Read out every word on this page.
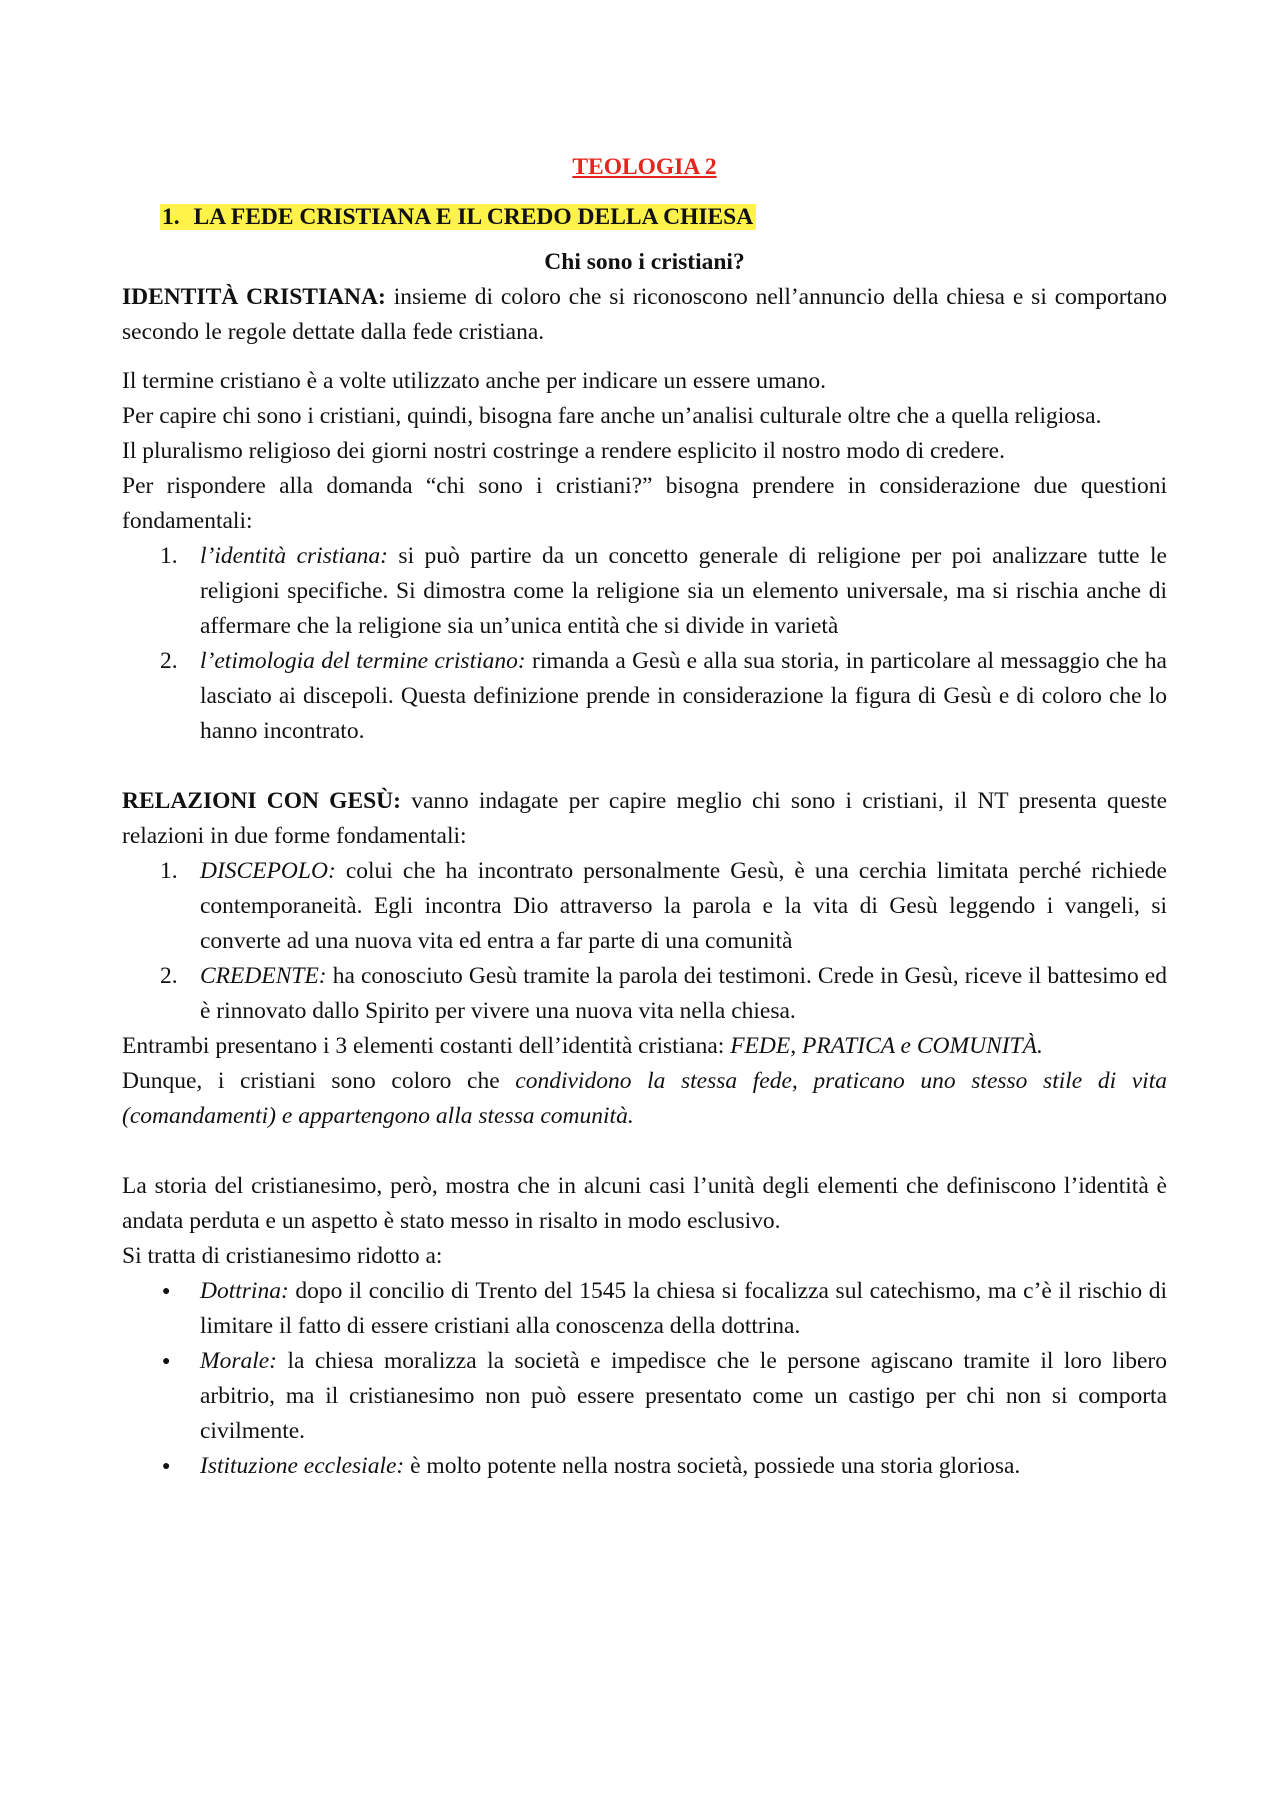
TEOLOGIA 2
1. LA FEDE CRISTIANA E IL CREDO DELLA CHIESA
Chi sono i cristiani?

IDENTITÀ CRISTIANA: insieme di coloro che si riconoscono nell’annuncio della chiesa e si comportano secondo le regole dettate dalla fede cristiana.

Il termine cristiano è a volte utilizzato anche per indicare un essere umano.

Per capire chi sono i cristiani, quindi, bisogna fare anche un’analisi culturale oltre che a quella religiosa.

Il pluralismo religioso dei giorni nostri costringe a rendere esplicito il nostro modo di credere.

Per rispondere alla domanda “chi sono i cristiani?” bisogna prendere in considerazione due questioni fondamentali:

1. l’identità cristiana: si può partire da un concetto generale di religione per poi analizzare tutte le religioni specifiche. Si dimostra come la religione sia un elemento universale, ma si rischia anche di affermare che la religione sia un’unica entità che si divide in varietà
2. l’etimologia del termine cristiano: rimanda a Gesù e alla sua storia, in particolare al messaggio che ha lasciato ai discepoli. Questa definizione prende in considerazione la figura di Gesù e di coloro che lo hanno incontrato.

RELAZIONI CON GESÙ: vanno indagate per capire meglio chi sono i cristiani, il NT presenta queste relazioni in due forme fondamentali:

1. DISCEPOLO: colui che ha incontrato personalmente Gesù, è una cerchia limitata perché richiede contemporaneità. Egli incontra Dio attraverso la parola e la vita di Gesù leggendo i vangeli, si converte ad una nuova vita ed entra a far parte di una comunità
2. CREDENTE: ha conosciuto Gesù tramite la parola dei testimoni. Crede in Gesù, riceve il battesimo ed è rinnovato dallo Spirito per vivere una nuova vita nella chiesa.

Entrambi presentano i 3 elementi costanti dell’identità cristiana: FEDE, PRATICA e COMUNITÀ.

Dunque, i cristiani sono coloro che condividono la stessa fede, praticano uno stesso stile di vita (comandamenti) e appartengono alla stessa comunità.

La storia del cristianesimo, però, mostra che in alcuni casi l’unità degli elementi che definiscono l’identità è andata perduta e un aspetto è stato messo in risalto in modo esclusivo.

Si tratta di cristianesimo ridotto a:

● Dottrina: dopo il concilio di Trento del 1545 la chiesa si focalizza sul catechismo, ma c’è il rischio di limitare il fatto di essere cristiani alla conoscenza della dottrina.
● Morale: la chiesa moralizza la società e impedisce che le persone agiscano tramite il loro libero arbitrio, ma il cristianesimo non può essere presentato come un castigo per chi non si comporta civilmente.
● Istituzione ecclesiale: è molto potente nella nostra società, possiede una storia gloriosa.
